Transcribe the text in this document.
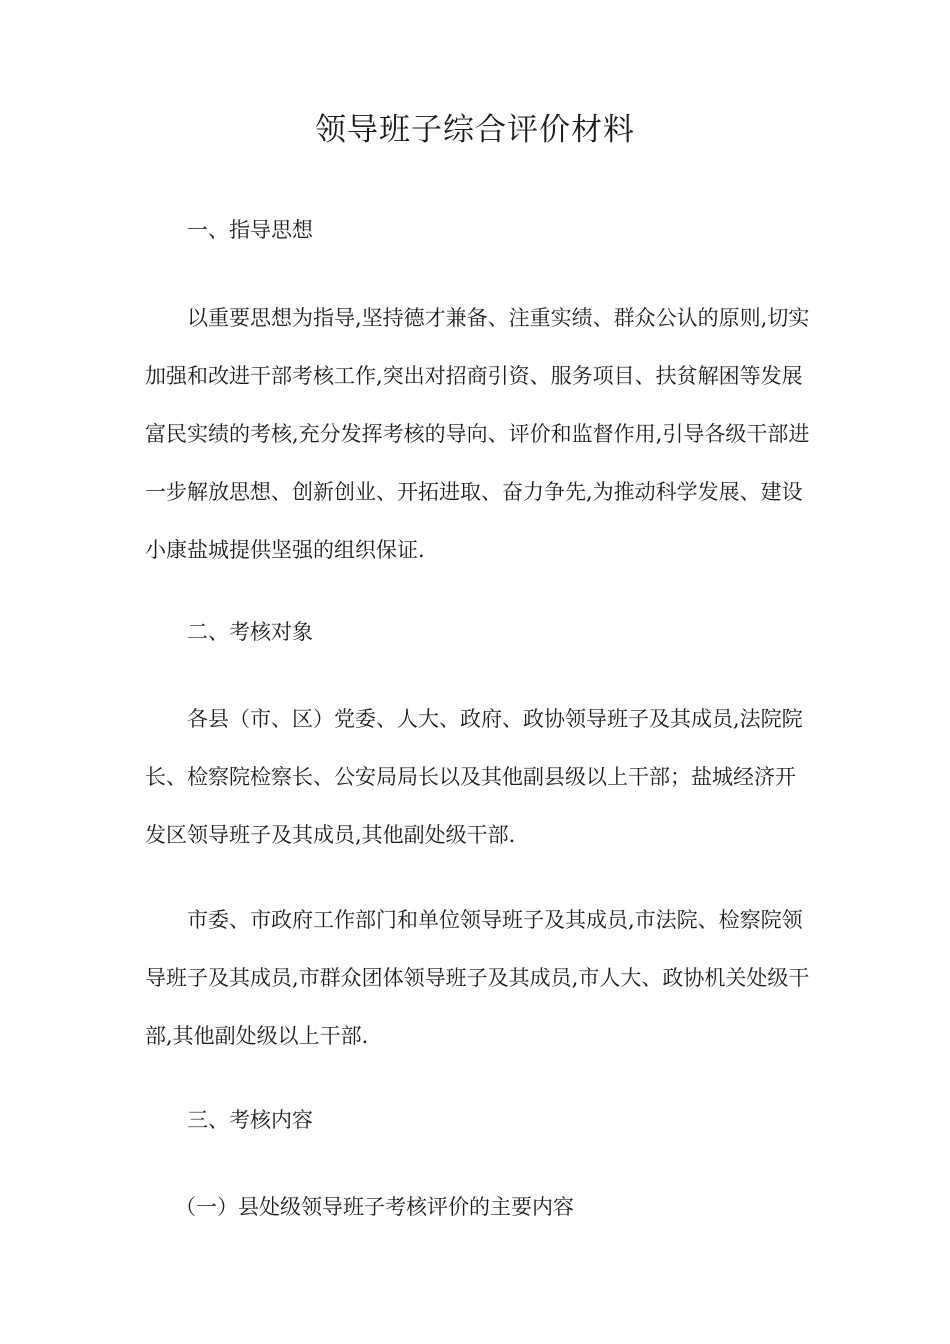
领导班子综合评价材料

一、指导思想

以重要思想为指导,坚持德才兼备、注重实绩、群众公认的原则,切实加强和改进干部考核工作,突出对招商引资、服务项目、扶贫解困等发展富民实绩的考核,充分发挥考核的导向、评价和监督作用,引导各级干部进一步解放思想、创新创业、开拓进取、奋力争先,为推动科学发展、建设小康盐城提供坚强的组织保证.

二、考核对象

各县（市、区）党委、人大、政府、政协领导班子及其成员,法院院长、检察院检察长、公安局局长以及其他副县级以上干部；盐城经济开发区领导班子及其成员,其他副处级干部.

市委、市政府工作部门和单位领导班子及其成员,市法院、检察院领导班子及其成员,市群众团体领导班子及其成员,市人大、政协机关处级干部,其他副处级以上干部.

三、考核内容

（一）县处级领导班子考核评价的主要内容
